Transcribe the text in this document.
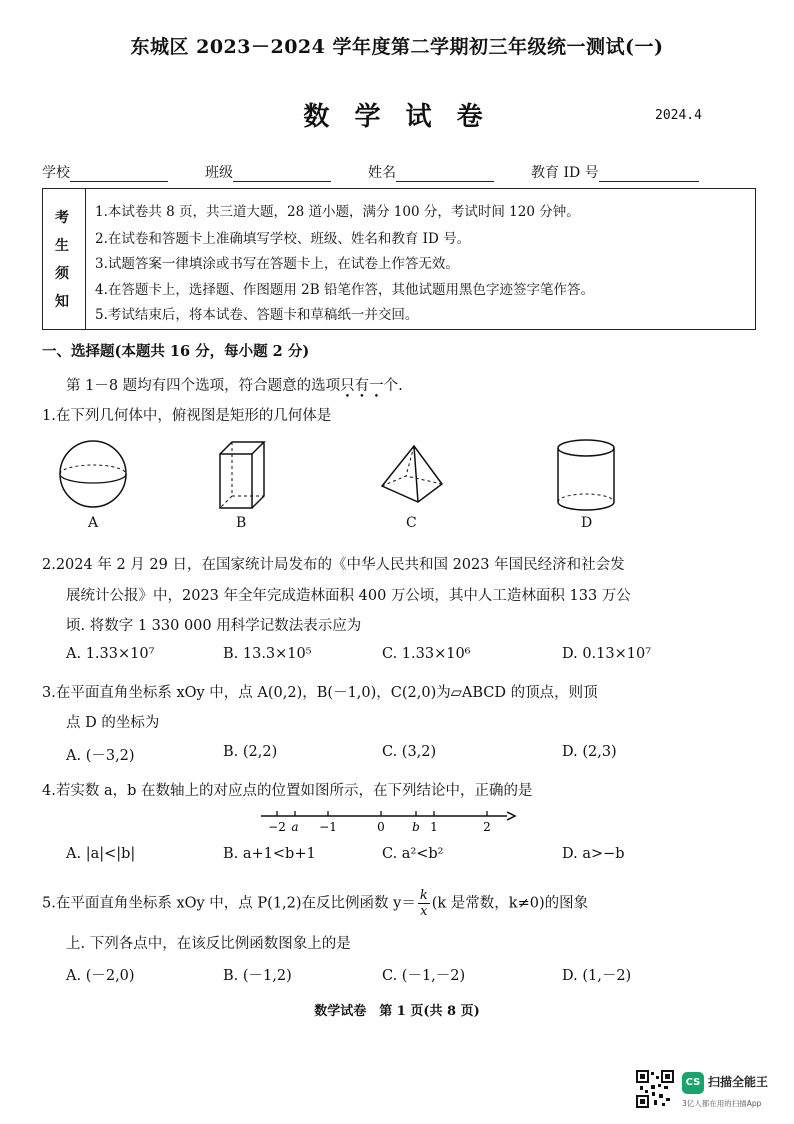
东城区 2023－2024 学年度第二学期初三年级统一测试(一)
数 学 试 卷	2024.4
学校	班级	姓名	教育 ID 号
考
生
须
知
1.本试卷共 8 页，共三道大题，28 道小题，满分 100 分，考试时间 120 分钟。
2.在试卷和答题卡上准确填写学校、班级、姓名和教育 ID 号。
3.试题答案一律填涂或书写在答题卡上，在试卷上作答无效。
4.在答题卡上，选择题、作图题用 2B 铅笔作答，其他试题用黑色字迹签字笔作答。
5.考试结束后，将本试卷、答题卡和草稿纸一并交回。
一、选择题(本题共 16 分，每小题 2 分)
第 1－8 题均有四个选项，符合题意的选项只有一个.
1.在下列几何体中，俯视图是矩形的几何体是
A	B	C	D
2.2024 年 2 月 29 日，在国家统计局发布的《中华人民共和国 2023 年国民经济和社会发
展统计公报》中，2023 年全年完成造林面积 400 万公顷，其中人工造林面积 133 万公
顷. 将数字 1 330 000 用科学记数法表示应为
A. 1.33×10⁷	B. 13.3×10⁵	C. 1.33×10⁶	D. 0.13×10⁷
3.在平面直角坐标系 xOy 中，点 A(0,2)，B(－1,0)，C(2,0)为▱ABCD 的顶点，则顶
点 D 的坐标为
A. (－3,2)	B. (2,2)	C. (3,2)	D. (2,3)
4.若实数 a，b 在数轴上的对应点的位置如图所示，在下列结论中，正确的是
−2 a −1	0 b 1	2
A. |a|<|b|	B. a+1<b+1	C. a²<b²	D. a>−b
5.在平面直角坐标系 xOy 中，点 P(1,2)在反比例函数 $y= \frac{k}{x} (k$ 是常数，k≠0)的图象
上. 下列各点中，在该反比例函数图象上的是
A. (－2,0)	B. (－1,2)	C. (－1,－2)	D. (1,－2)
数学试卷　第 1 页(共 8 页)
CS 扫描全能王
3亿人都在用的扫描App
